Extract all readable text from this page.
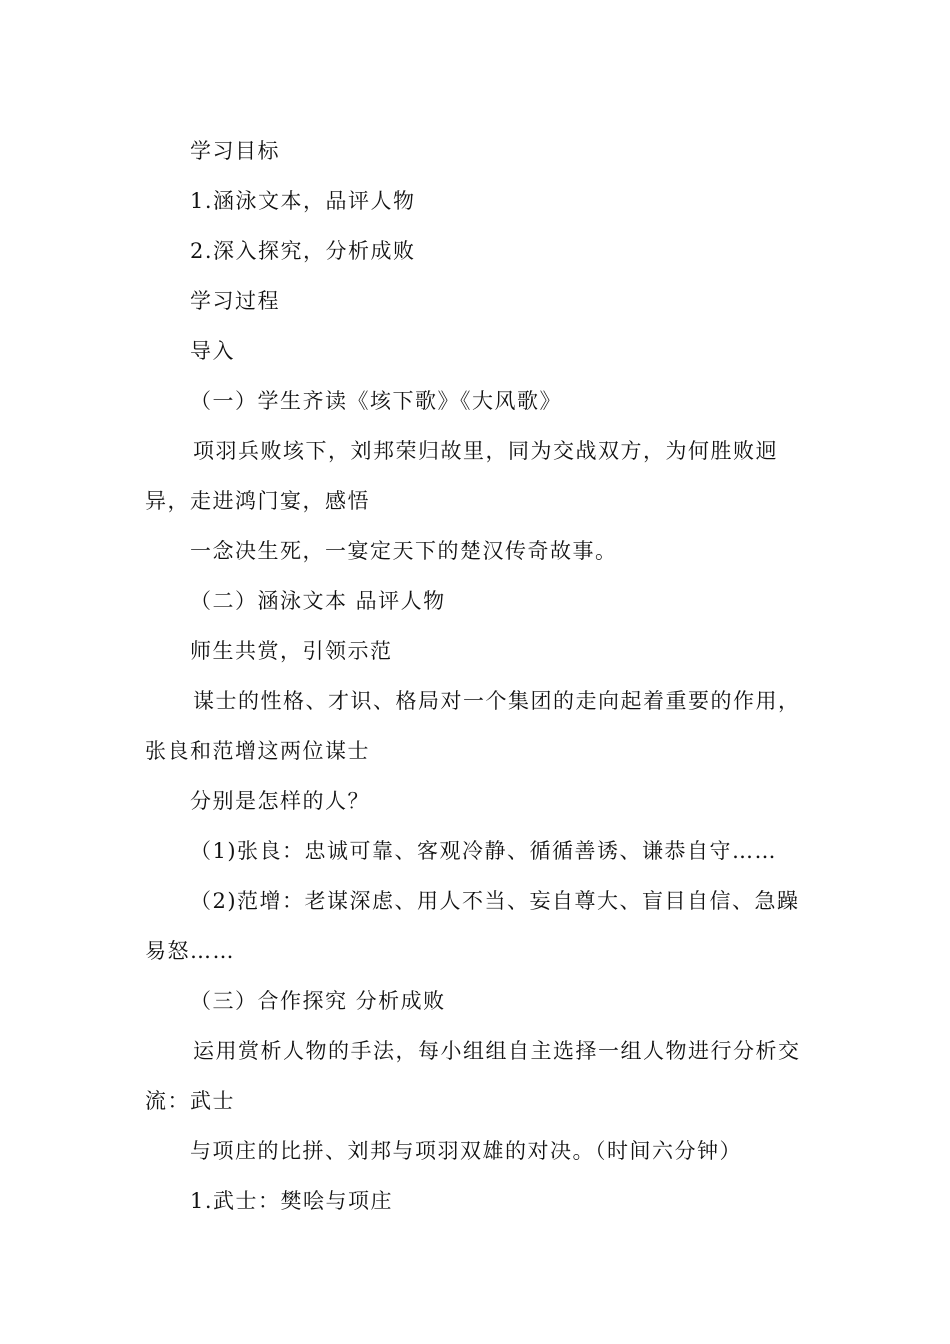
学习目标
1.涵泳文本，品评人物
2.深入探究，分析成败
学习过程
导入
（一）学生齐读《垓下歌》《大风歌》
项羽兵败垓下，刘邦荣归故里，同为交战双方，为何胜败迥
异，走进鸿门宴，感悟
一念决生死，一宴定天下的楚汉传奇故事。
（二）涵泳文本 品评人物
师生共赏，引领示范
谋士的性格、才识、格局对一个集团的走向起着重要的作用，
张良和范增这两位谋士
分别是怎样的人？
（1)张良：忠诚可靠、客观冷静、循循善诱、谦恭自守……
（2)范增：老谋深虑、用人不当、妄自尊大、盲目自信、急躁
易怒……
（三）合作探究 分析成败
运用赏析人物的手法，每小组组自主选择一组人物进行分析交
流：武士
与项庄的比拼、刘邦与项羽双雄的对决。（时间六分钟）
1.武士：樊哙与项庄
